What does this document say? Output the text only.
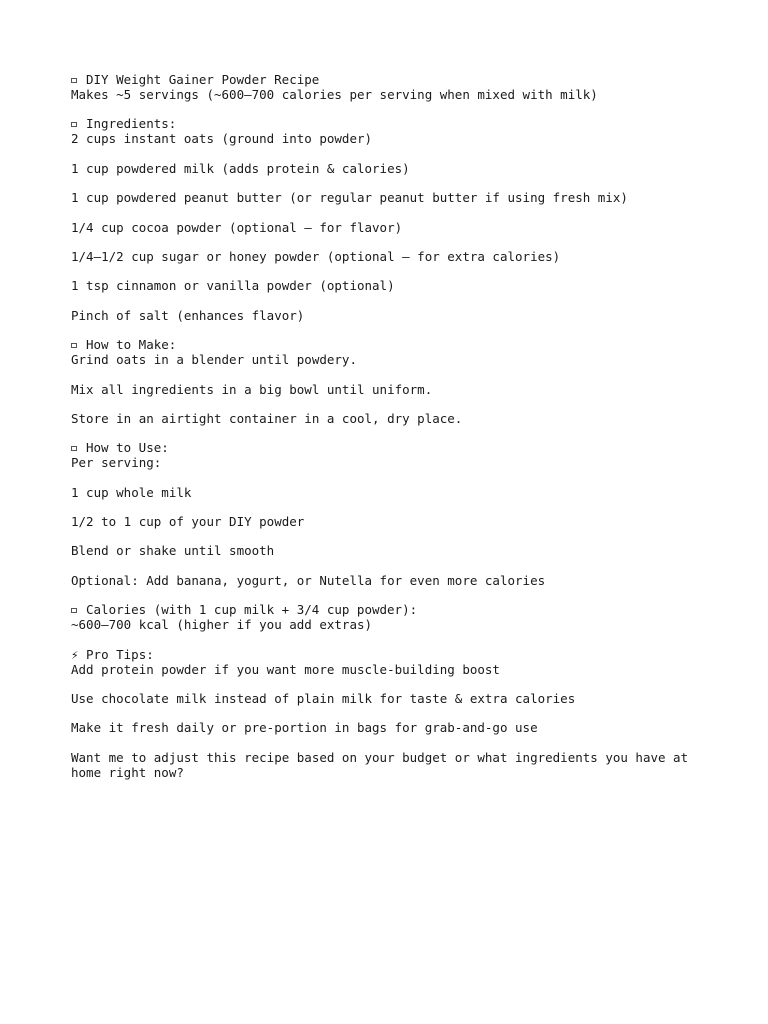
DIY Weight Gainer Powder Recipe
Makes ~5 servings (~600–700 calories per serving when mixed with milk)
Ingredients:
2 cups instant oats (ground into powder)
1 cup powdered milk (adds protein & calories)
1 cup powdered peanut butter (or regular peanut butter if using fresh mix)
1/4 cup cocoa powder (optional – for flavor)
1/4–1/2 cup sugar or honey powder (optional – for extra calories)
1 tsp cinnamon or vanilla powder (optional)
Pinch of salt (enhances flavor)
How to Make:
Grind oats in a blender until powdery.
Mix all ingredients in a big bowl until uniform.
Store in an airtight container in a cool, dry place.
How to Use:
Per serving:
1 cup whole milk
1/2 to 1 cup of your DIY powder
Blend or shake until smooth
Optional: Add banana, yogurt, or Nutella for even more calories
Calories (with 1 cup milk + 3/4 cup powder):
~600–700 kcal (higher if you add extras)
⚡ Pro Tips:
Add protein powder if you want more muscle-building boost
Use chocolate milk instead of plain milk for taste & extra calories
Make it fresh daily or pre-portion in bags for grab-and-go use
Want me to adjust this recipe based on your budget or what ingredients you have at home right now?
